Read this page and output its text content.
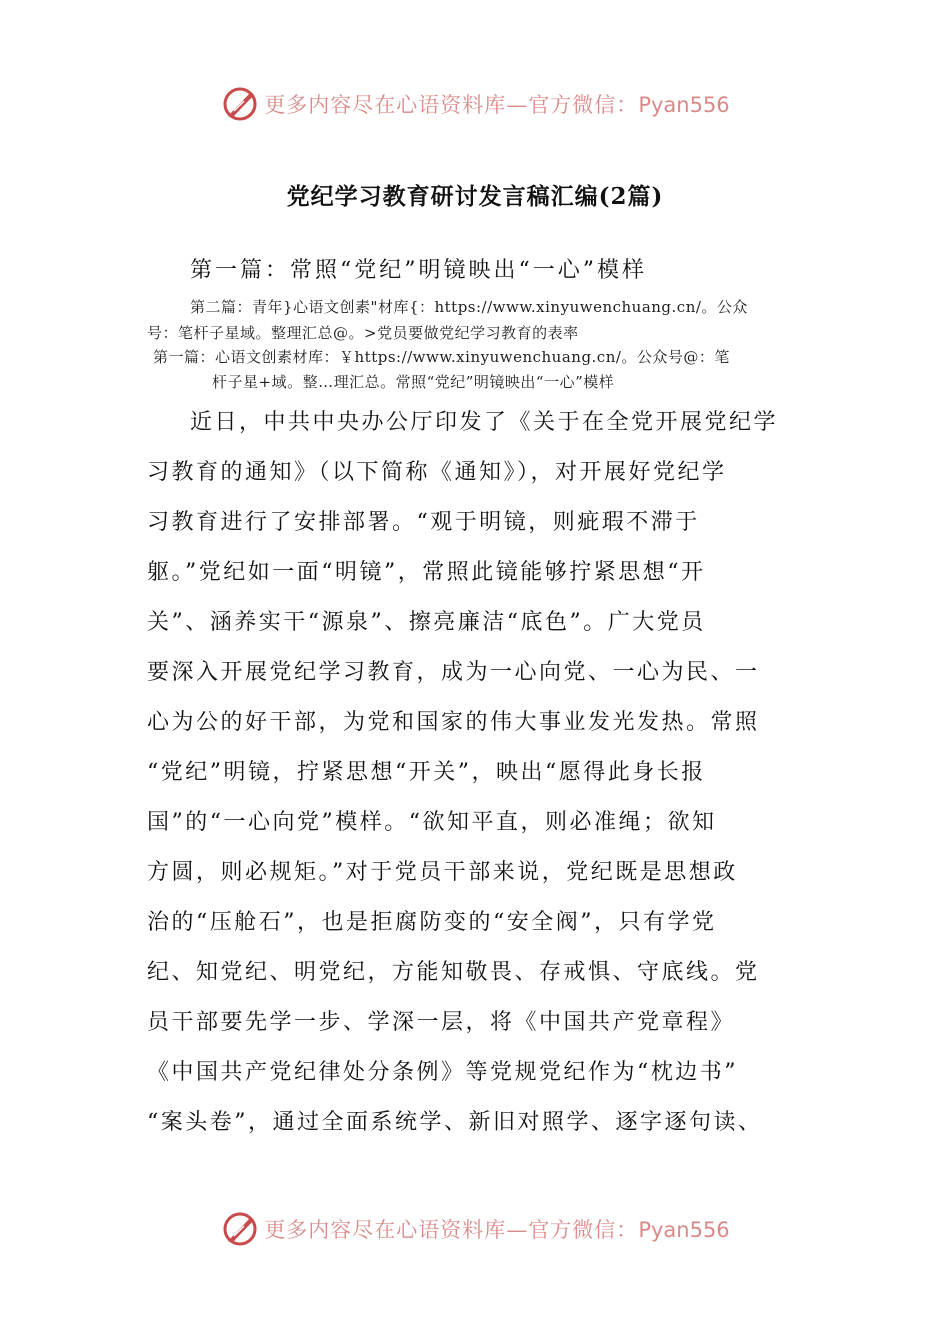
更多内容尽在心语资料库—官方微信：Pyan556
党纪学习教育研讨发言稿汇编(2篇)
第一篇：常照“党纪”明镜映出“一心”模样
第二篇：青年}心语文创素"材库{：https://www.xinyuwenchuang.cn/。公众
号：笔杆子星域。整理汇总@。>党员要做党纪学习教育的表率
第一篇：心语文创素材库：￥https://www.xinyuwenchuang.cn/。公众号@：笔
杆子星+域。整…理汇总。常照“党纪”明镜映出“一心”模样
近日，中共中央办公厅印发了《关于在全党开展党纪学
习教育的通知》（以下简称《通知》），对开展好党纪学
习教育进行了安排部署。“观于明镜，则疵瑕不滞于
躯。”党纪如一面“明镜”，常照此镜能够拧紧思想“开
关”、涵养实干“源泉”、擦亮廉洁“底色”。广大党员
要深入开展党纪学习教育，成为一心向党、一心为民、一
心为公的好干部，为党和国家的伟大事业发光发热。常照
“党纪”明镜，拧紧思想“开关”，映出“愿得此身长报
国”的“一心向党”模样。“欲知平直，则必准绳；欲知
方圆，则必规矩。”对于党员干部来说，党纪既是思想政
治的“压舱石”，也是拒腐防变的“安全阀”，只有学党
纪、知党纪、明党纪，方能知敬畏、存戒惧、守底线。党
员干部要先学一步、学深一层，将《中国共产党章程》
《中国共产党纪律处分条例》等党规党纪作为“枕边书”
“案头卷”，通过全面系统学、新旧对照学、逐字逐句读、
更多内容尽在心语资料库—官方微信：Pyan556
